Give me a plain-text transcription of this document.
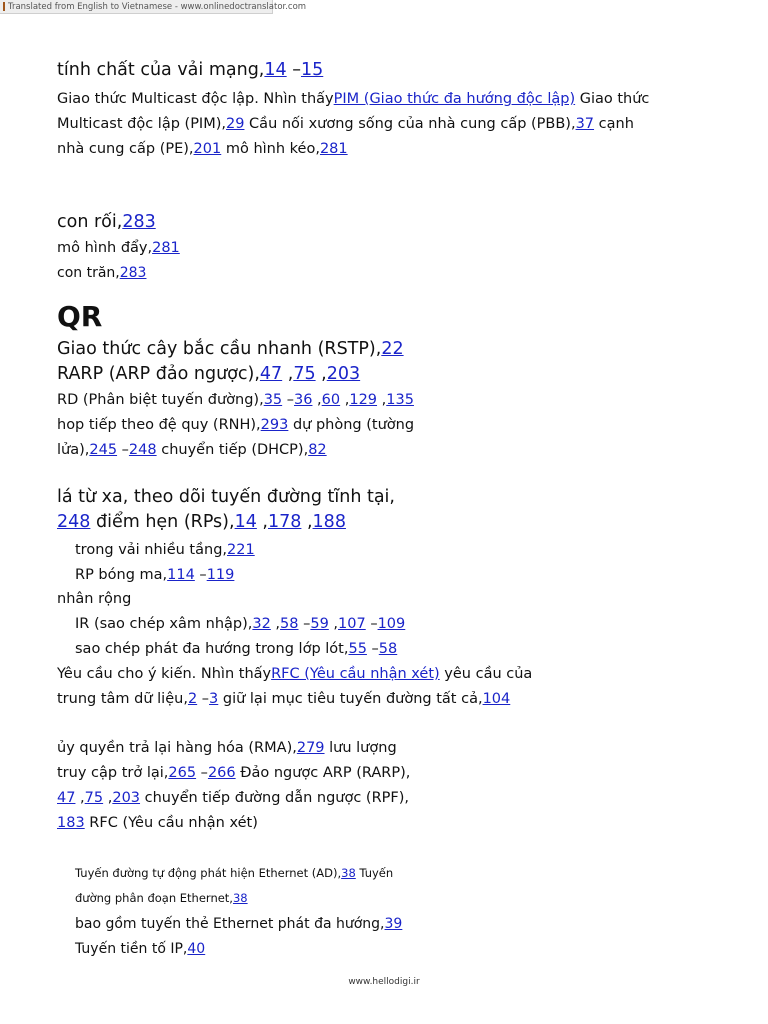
Translated from English to Vietnamese - www.onlinedoctranslator.com
tính chất của vải mạng,14 –15
Giao thức Multicast độc lập. Nhìn thấyPIM (Giao thức đa hướng độc lập) Giao thức
Multicast độc lập (PIM),29 Cầu nối xương sống của nhà cung cấp (PBB),37 cạnh
nhà cung cấp (PE),201 mô hình kéo,281
con rối,283
mô hình đẩy,281
con trăn,283
Giao thức cây bắc cầu nhanh (RSTP),22
RARP (ARP đảo ngược),47 ,75 ,203
RD (Phân biệt tuyến đường),35 –36 ,60 ,129 ,135
hop tiếp theo đệ quy (RNH),293 dự phòng (tường
lửa),245 –248 chuyển tiếp (DHCP),82
lá từ xa, theo dõi tuyến đường tĩnh tại,
248 điểm hẹn (RPs),14 ,178 ,188
trong vải nhiều tầng,221
RP bóng ma,114 –119
nhân rộng
IR (sao chép xâm nhập),32 ,58 –59 ,107 –109
sao chép phát đa hướng trong lớp lót,55 –58
Yêu cầu cho ý kiến. Nhìn thấyRFC (Yêu cầu nhận xét) yêu cầu của
trung tâm dữ liệu,2 –3 giữ lại mục tiêu tuyến đường tất cả,104
ủy quyền trả lại hàng hóa (RMA),279 lưu lượng
truy cập trở lại,265 –266 Đảo ngược ARP (RARP),
47 ,75 ,203 chuyển tiếp đường dẫn ngược (RPF),
183 RFC (Yêu cầu nhận xét)
Tuyến đường tự động phát hiện Ethernet (AD),38 Tuyến
đường phân đoạn Ethernet,38
bao gồm tuyến thẻ Ethernet phát đa hướng,39
Tuyến tiền tố IP,40
QR
www.hellodigi.ir
